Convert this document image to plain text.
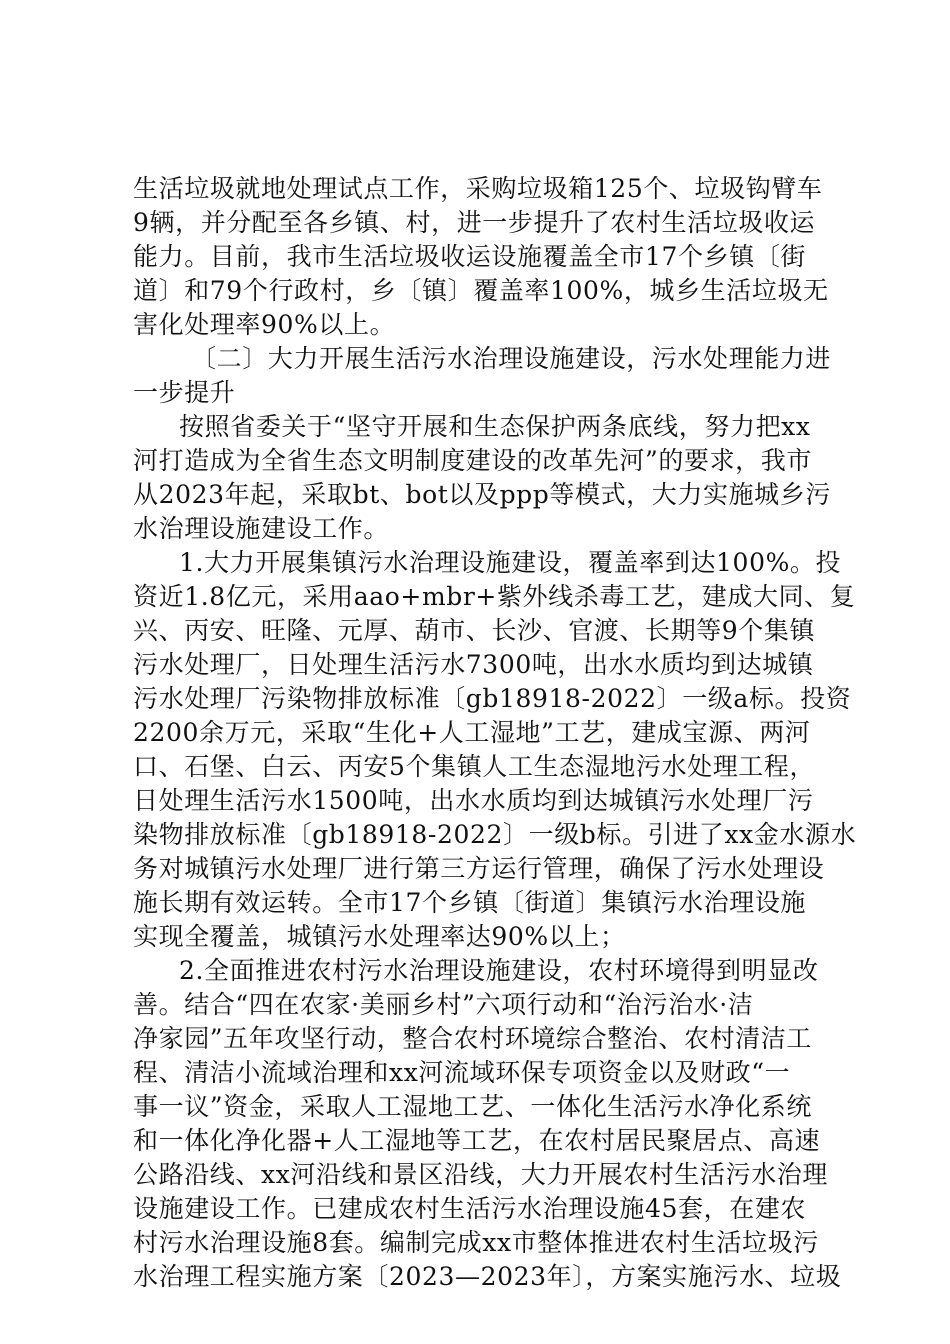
生活垃圾就地处理试点工作，采购垃圾箱125个、垃圾钩臂车
9辆，并分配至各乡镇、村，进一步提升了农村生活垃圾收运
能力。目前，我市生活垃圾收运设施覆盖全市17个乡镇〔街
道〕和79个行政村，乡〔镇〕覆盖率100%，城乡生活垃圾无
害化处理率90%以上。
〔二〕大力开展生活污水治理设施建设，污水处理能力进
一步提升
按照省委关于“坚守开展和生态保护两条底线，努力把xx
河打造成为全省生态文明制度建设的改革先河”的要求，我市
从2023年起，采取bt、bot以及ppp等模式，大力实施城乡污
水治理设施建设工作。
1.大力开展集镇污水治理设施建设，覆盖率到达100%。投
资近1.8亿元，采用aao+mbr+紫外线杀毒工艺，建成大同、复
兴、丙安、旺隆、元厚、葫市、长沙、官渡、长期等9个集镇
污水处理厂，日处理生活污水7300吨，出水水质均到达城镇
污水处理厂污染物排放标准〔gb18918-2022〕一级a标。投资
2200余万元，采取“生化+人工湿地”工艺，建成宝源、两河
口、石堡、白云、丙安5个集镇人工生态湿地污水处理工程，
日处理生活污水1500吨，出水水质均到达城镇污水处理厂污
染物排放标准〔gb18918-2022〕一级b标。引进了xx金水源水
务对城镇污水处理厂进行第三方运行管理，确保了污水处理设
施长期有效运转。全市17个乡镇〔街道〕集镇污水治理设施
实现全覆盖，城镇污水处理率达90%以上；
2.全面推进农村污水治理设施建设，农村环境得到明显改
善。结合“四在农家·美丽乡村”六项行动和“治污治水·洁
净家园”五年攻坚行动，整合农村环境综合整治、农村清洁工
程、清洁小流域治理和xx河流域环保专项资金以及财政“一
事一议”资金，采取人工湿地工艺、一体化生活污水净化系统
和一体化净化器+人工湿地等工艺，在农村居民聚居点、高速
公路沿线、xx河沿线和景区沿线，大力开展农村生活污水治理
设施建设工作。已建成农村生活污水治理设施45套，在建农
村污水治理设施8套。编制完成xx市整体推进农村生活垃圾污
水治理工程实施方案〔2023—2023年〕，方案实施污水、垃圾
